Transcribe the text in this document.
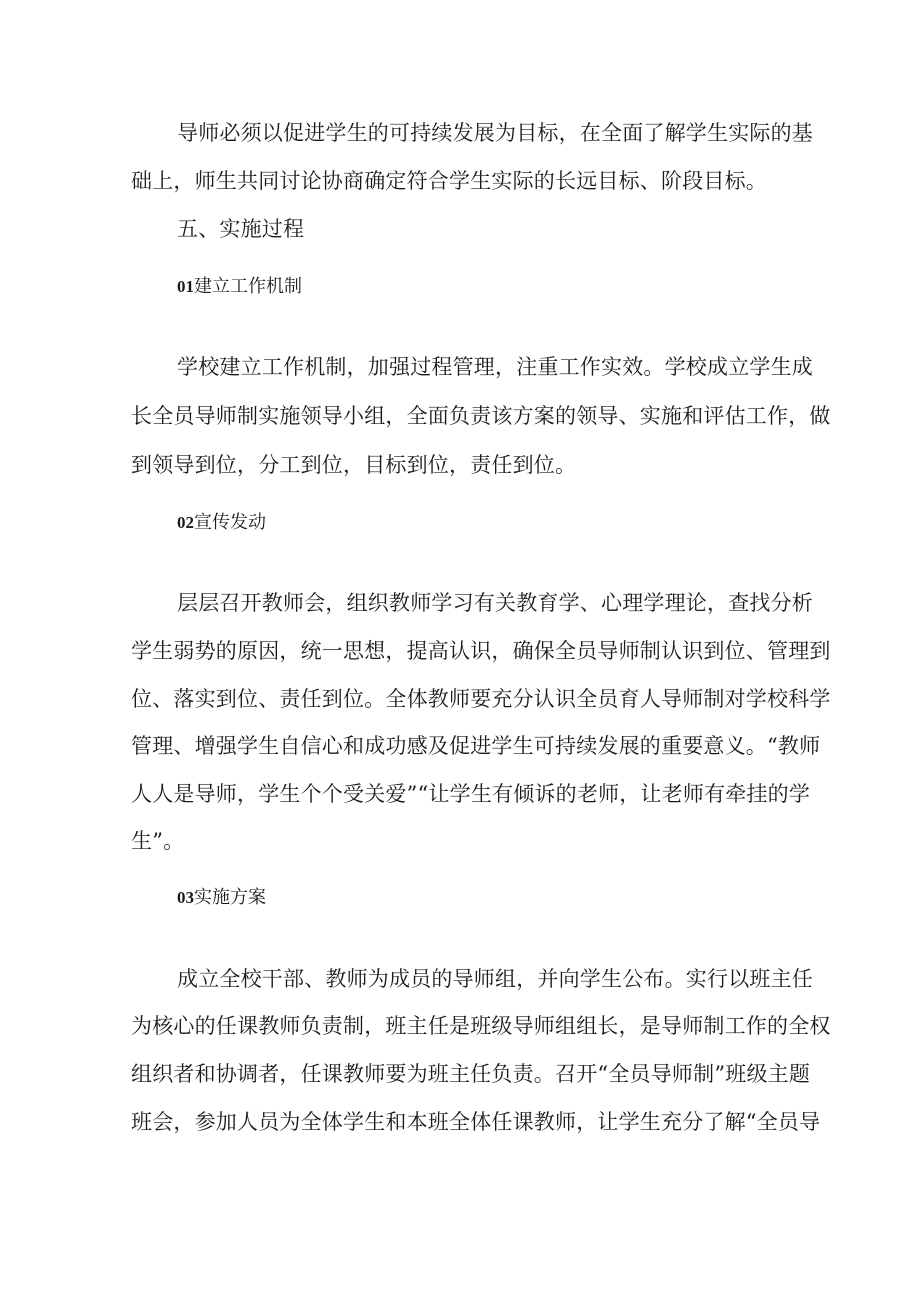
导师必须以促进学生的可持续发展为目标，在全面了解学生实际的基
础上，师生共同讨论协商确定符合学生实际的长远目标、阶段目标。
五、实施过程
01建立工作机制
学校建立工作机制，加强过程管理，注重工作实效。学校成立学生成
长全员导师制实施领导小组，全面负责该方案的领导、实施和评估工作，做
到领导到位，分工到位，目标到位，责任到位。
02宣传发动
层层召开教师会，组织教师学习有关教育学、心理学理论，查找分析
学生弱势的原因，统一思想，提高认识，确保全员导师制认识到位、管理到
位、落实到位、责任到位。全体教师要充分认识全员育人导师制对学校科学
管理、增强学生自信心和成功感及促进学生可持续发展的重要意义。“教师
人人是导师，学生个个受关爱”“让学生有倾诉的老师，让老师有牵挂的学
生”。
03实施方案
成立全校干部、教师为成员的导师组，并向学生公布。实行以班主任
为核心的任课教师负责制，班主任是班级导师组组长，是导师制工作的全权
组织者和协调者，任课教师要为班主任负责。召开“全员导师制”班级主题
班会，参加人员为全体学生和本班全体任课教师，让学生充分了解“全员导
